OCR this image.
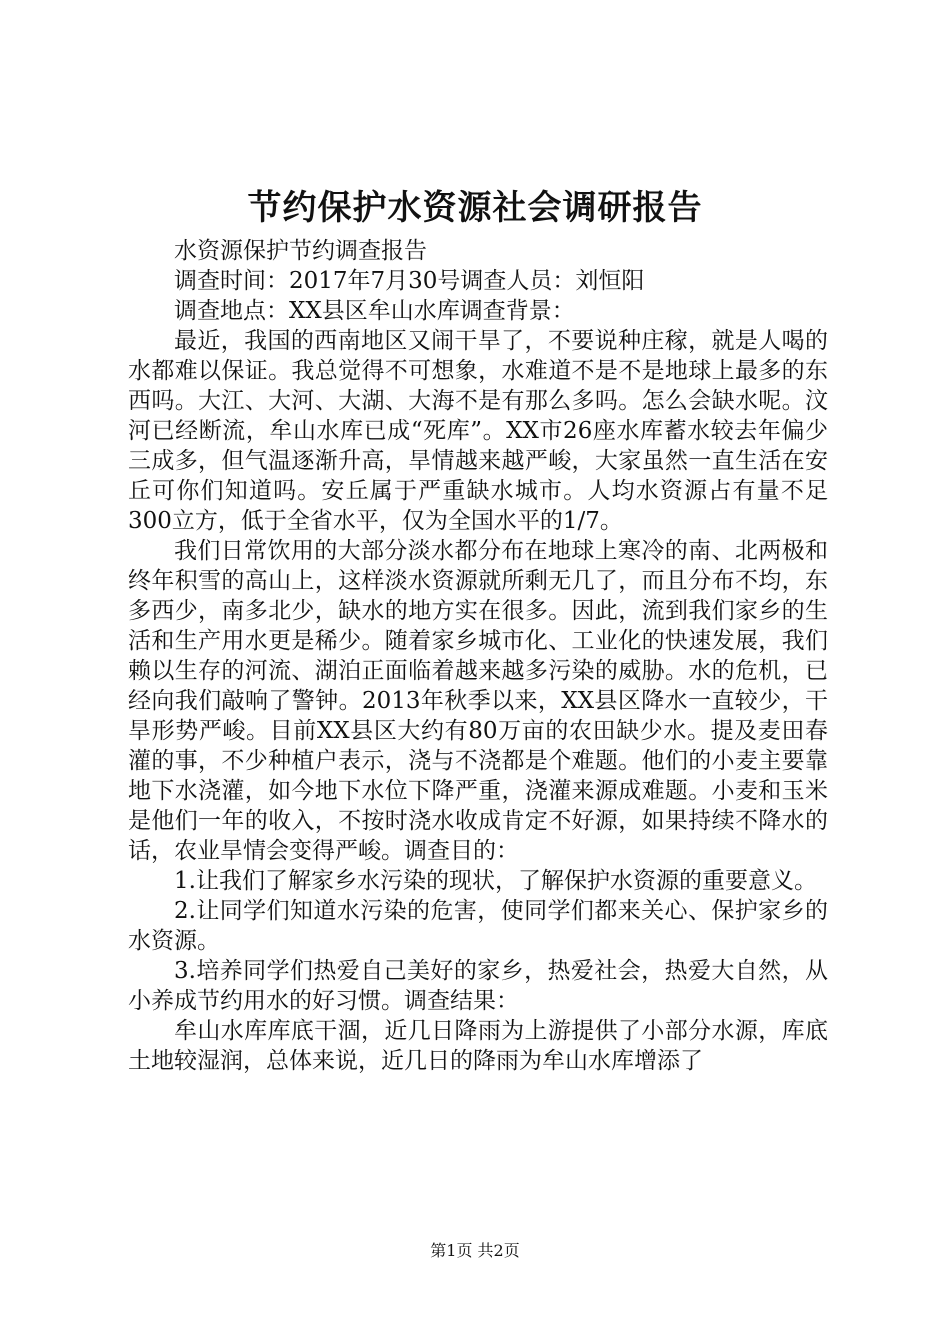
节约保护水资源社会调研报告

水资源保护节约调查报告

调查时间：2017年7月30号调查人员：刘恒阳

调查地点：XX县区牟山水库调查背景：

最近，我国的西南地区又闹干旱了，不要说种庄稼，就是人喝的水都难以保证。我总觉得不可想象，水难道不是不是地球上最多的东西吗。大江、大河、大湖、大海不是有那么多吗。怎么会缺水呢。汶河已经断流，牟山水库已成“死库”。XX市26座水库蓄水较去年偏少三成多，但气温逐渐升高，旱情越来越严峻，大家虽然一直生活在安丘可你们知道吗。安丘属于严重缺水城市。人均水资源占有量不足300立方，低于全省水平，仅为全国水平的1/7。

我们日常饮用的大部分淡水都分布在地球上寒冷的南、北两极和终年积雪的高山上，这样淡水资源就所剩无几了，而且分布不均，东多西少，南多北少，缺水的地方实在很多。因此，流到我们家乡的生活和生产用水更是稀少。随着家乡城市化、工业化的快速发展，我们赖以生存的河流、湖泊正面临着越来越多污染的威胁。水的危机，已经向我们敲响了警钟。2013年秋季以来，XX县区降水一直较少，干旱形势严峻。目前XX县区大约有80万亩的农田缺少水。提及麦田春灌的事，不少种植户表示，浇与不浇都是个难题。他们的小麦主要靠地下水浇灌，如今地下水位下降严重，浇灌来源成难题。小麦和玉米是他们一年的收入，不按时浇水收成肯定不好源，如果持续不降水的话，农业旱情会变得严峻。调查目的：

1.让我们了解家乡水污染的现状，了解保护水资源的重要意义。

2.让同学们知道水污染的危害，使同学们都来关心、保护家乡的水资源。

3.培养同学们热爱自己美好的家乡，热爱社会，热爱大自然，从小养成节约用水的好习惯。调查结果：

牟山水库库底干涸，近几日降雨为上游提供了小部分水源，库底土地较湿润，总体来说，近几日的降雨为牟山水库增添了

第1页 共2页
